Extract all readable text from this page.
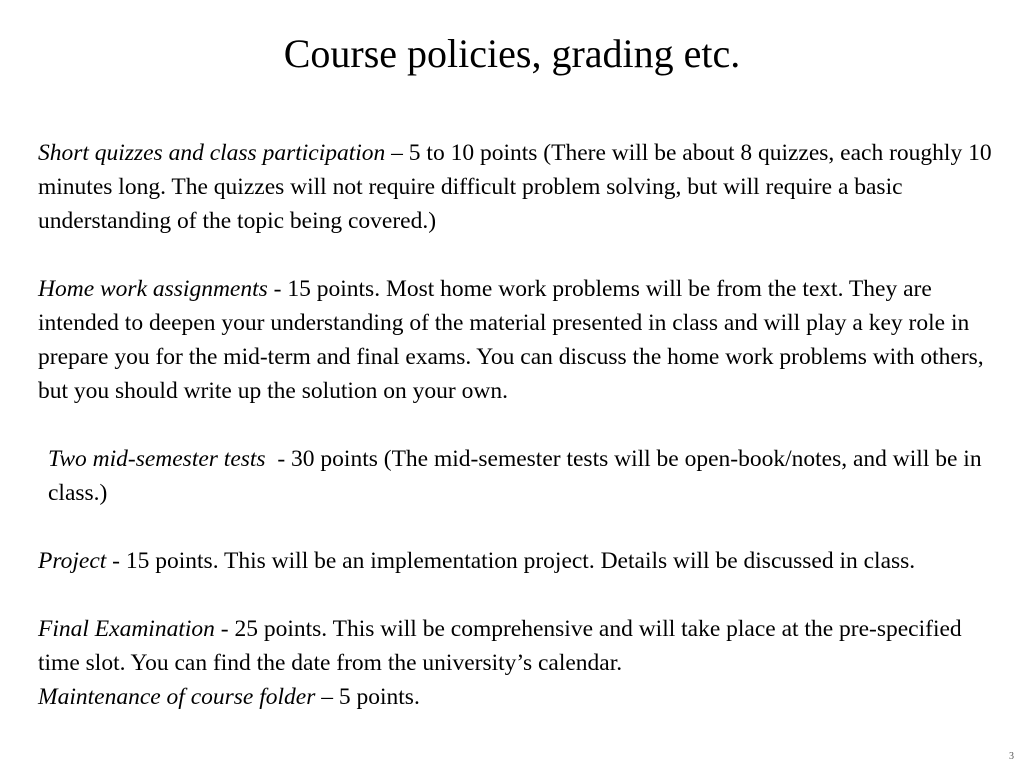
Course policies, grading etc.

Short quizzes and class participation – 5 to 10 points (There will be about 8 quizzes, each roughly 10 minutes long. The quizzes will not require difficult problem solving, but will require a basic understanding of the topic being covered.)

Home work assignments - 15 points. Most home work problems will be from the text. They are intended to deepen your understanding of the material presented in class and will play a key role in prepare you for the mid-term and final exams. You can discuss the home work problems with others, but you should write up the solution on your own.

Two mid-semester tests  - 30 points (The mid-semester tests will be open-book/notes, and will be in class.)

Project - 15 points. This will be an implementation project. Details will be discussed in class.

Final Examination - 25 points. This will be comprehensive and will take place at the pre-specified time slot. You can find the date from the university’s calendar.

Maintenance of course folder – 5 points.

3
